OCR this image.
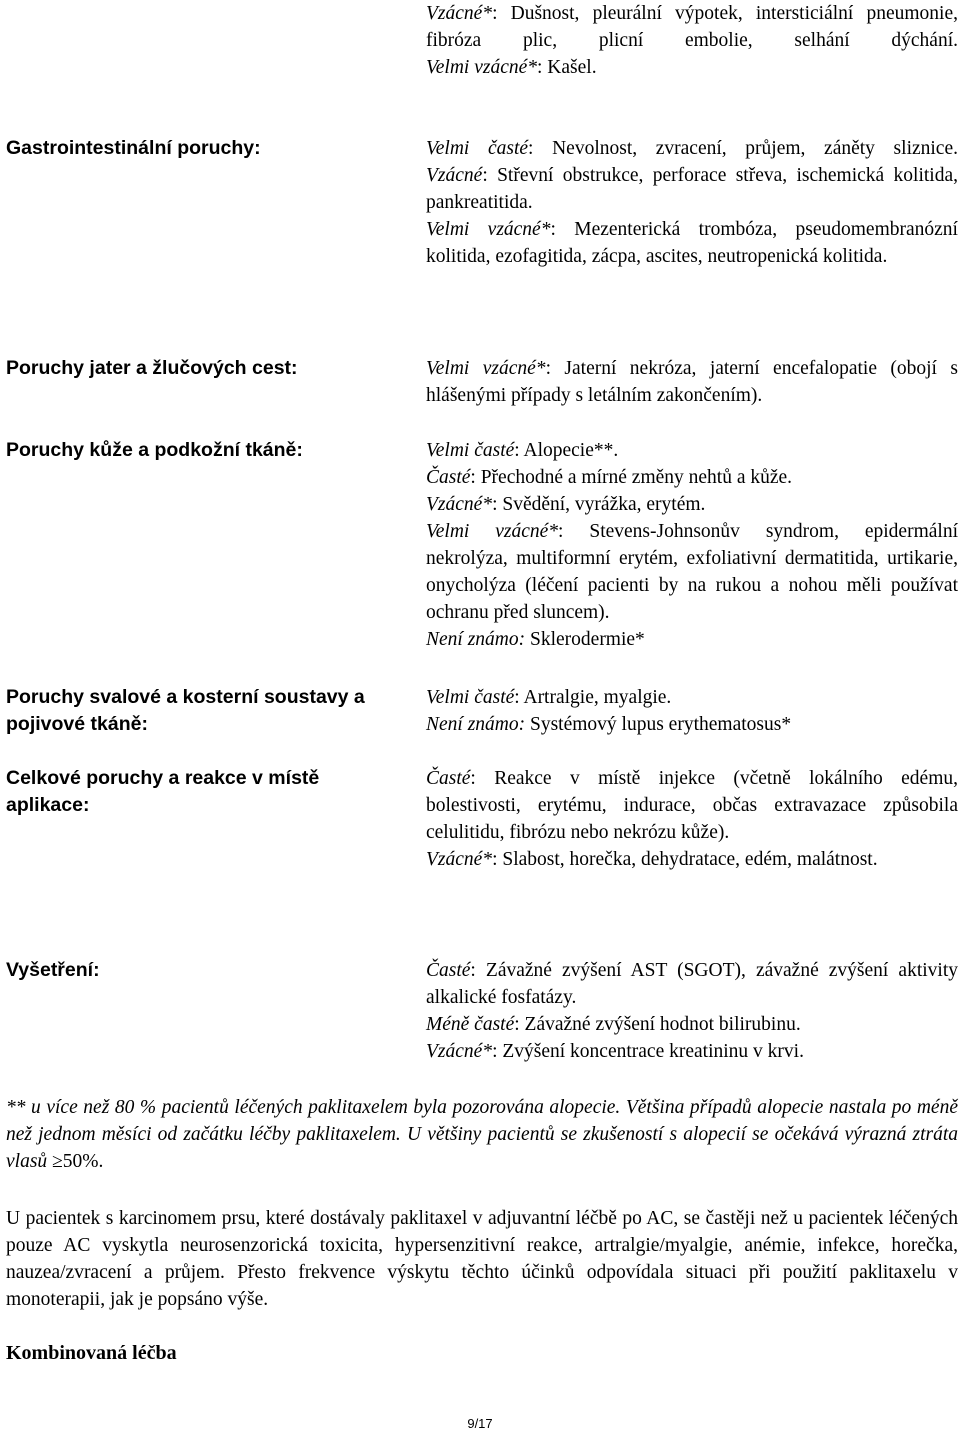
Vzácné*: Dušnost, pleurální výpotek, intersticiální pneumonie, fibróza plic, plicní embolie, selhání dýchání.
Velmi vzácné*: Kašel.
Gastrointestinální poruchy:	Velmi časté: Nevolnost, zvracení, průjem, záněty sliznice.
Vzácné: Střevní obstrukce, perforace střeva, ischemická kolitida, pankreatitida.
Velmi vzácné*: Mezenterická trombóza, pseudomembranózní kolitida, ezofagitida, zácpa, ascites, neutropenická kolitida.
Poruchy jater a žlučových cest:	Velmi vzácné*: Jaterní nekróza, jaterní encefalopatie (obojí s hlášenými případy s letálním zakončením).
Poruchy kůže a podkožní tkáně:	Velmi časté: Alopecie**.
Časté: Přechodné a mírné změny nehtů a kůže.
Vzácné*: Svědění, vyrážka, erytém.
Velmi vzácné*: Stevens-Johnsonův syndrom, epidermální nekrolýza, multiformní erytém, exfoliativní dermatitida, urtikarie, onycholýza (léčení pacienti by na rukou a nohou měli používat ochranu před sluncem).
Není známo: Sklerodermie*
Poruchy svalové a kosterní soustavy a pojivové tkáně:
Velmi časté: Artralgie, myalgie.
Není známo: Systémový lupus erythematosus*
Celkové poruchy a reakce v místě aplikace:
Časté: Reakce v místě injekce (včetně lokálního edému, bolestivosti, erytému, indurace, občas extravazace způsobila celulitidu, fibrózu nebo nekrózu kůže).
Vzácné*: Slabost, horečka, dehydratace, edém, malátnost.
Vyšetření:	Časté: Závažné zvýšení AST (SGOT), závažné zvýšení aktivity alkalické fosfatázy.
Méně časté: Závažné zvýšení hodnot bilirubinu.
Vzácné*: Zvýšení koncentrace kreatininu v krvi.
** u více než 80 % pacientů léčených paklitaxelem byla pozorována alopecie. Většina případů alopecie nastala po méně než jednom měsíci od začátku léčby paklitaxelem. U většiny pacientů se zkušeností s alopecií se očekává výrazná ztráta vlasů ≥50%.
U pacientek s karcinomem prsu, které dostávaly paklitaxel v adjuvantní léčbě po AC, se častěji než u pacientek léčených pouze AC vyskytla neurosenzorická toxicita, hypersenzitivní reakce, artralgie/myalgie, anémie, infekce, horečka, nauzea/zvracení a průjem. Přesto frekvence výskytu těchto účinků odpovídala situaci při použití paklitaxelu v monoterapii, jak je popsáno výše.
Kombinovaná léčba
9/17
